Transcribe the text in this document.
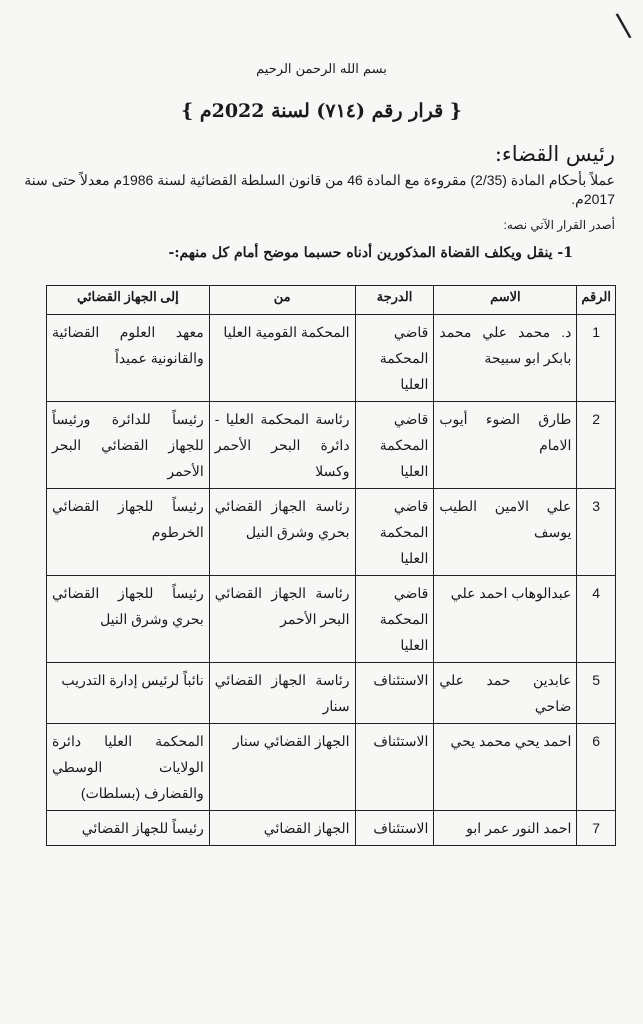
\
بسم الله الرحمن الرحيم
{ قرار رقم (٧١٤) لسنة 2022م }
رئيس القضاء:
عملاً بأحكام المادة (2/35) مقروءة مع المادة 46 من قانون السلطة القضائية لسنة 1986م معدلاً حتى سنة 2017م.
أصدر القرار الآتي نصه:
1- ينقل ويكلف القضاة المذكورين أدناه حسبما موضح أمام كل منهم:-
الرقم	الاسم	الدرجة	من	إلى الجهاز القضائي
1	د. محمد علي محمد بابكر ابو سبيحة	قاضي المحكمة العليا	المحكمة القومية العليا	معهد العلوم القضائية والقانونية عميداً
2	طارق الضوء أيوب الامام	قاضي المحكمة العليا	رئاسة المحكمة العليا - دائرة البحر الأحمر وكسلا	رئيساً للدائرة ورئيساً للجهاز القضائي البحر الأحمر
3	علي الامين الطيب يوسف	قاضي المحكمة العليا	رئاسة الجهاز القضائي بحري وشرق النيل	رئيساً للجهاز القضائي الخرطوم
4	عبدالوهاب احمد علي	قاضي المحكمة العليا	رئاسة الجهاز القضائي البحر الأحمر	رئيساً للجهاز القضائي بحري وشرق النيل
5	عابدين حمد علي ضاحي	الاستئناف	رئاسة الجهاز القضائي سنار	نائباً لرئيس إدارة التدريب
6	احمد يحي محمد يحي	الاستئناف	الجهاز القضائي سنار	المحكمة العليا دائرة الولايات الوسطي والقضارف (بسلطات)
7	احمد النور عمر ابو	الاستئناف	الجهاز القضائي	رئيساً للجهاز القضائي
